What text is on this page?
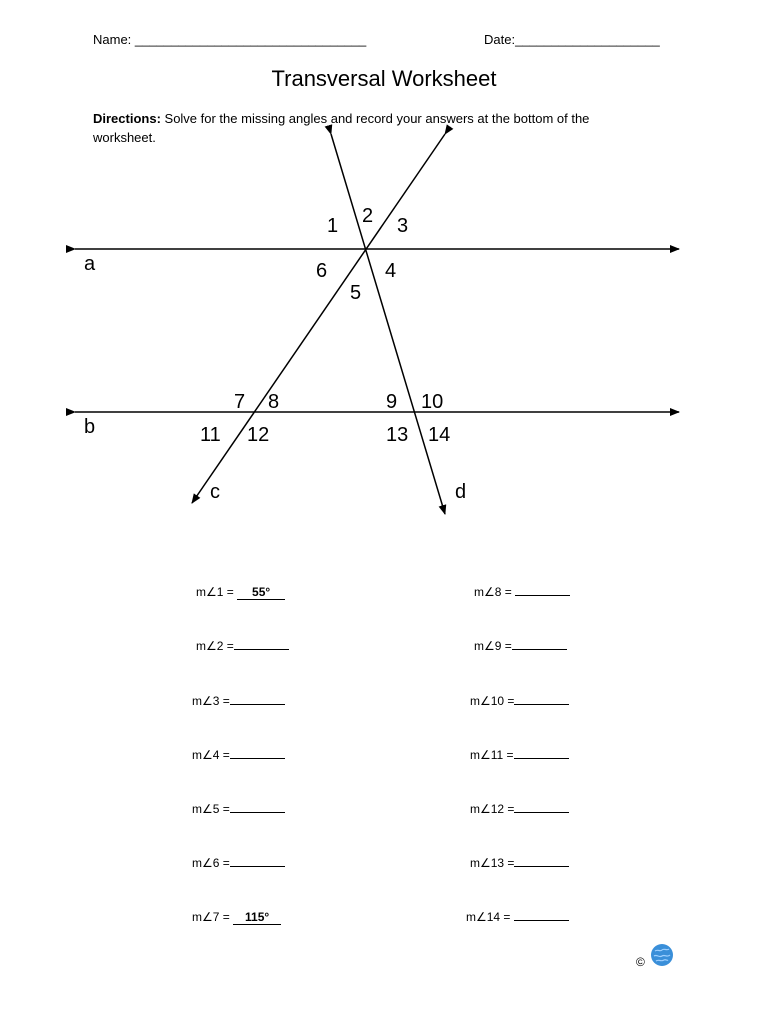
Name: ________________________________	Date:____________________
Transversal Worksheet
Directions: Solve for the missing angles and record your answers at the bottom of the worksheet.
a
b
c	d
1 2 3
4
5
6
7 8	9 10
11 12	13 14
m∠1 = 55°
m∠2 =
m∠3 =
m∠4 =
m∠5 =
m∠6 =
m∠7 = 115°
m∠8 =
m∠9 =
m∠10 =
m∠11 =
m∠12 =
m∠13 =
m∠14 =
©
